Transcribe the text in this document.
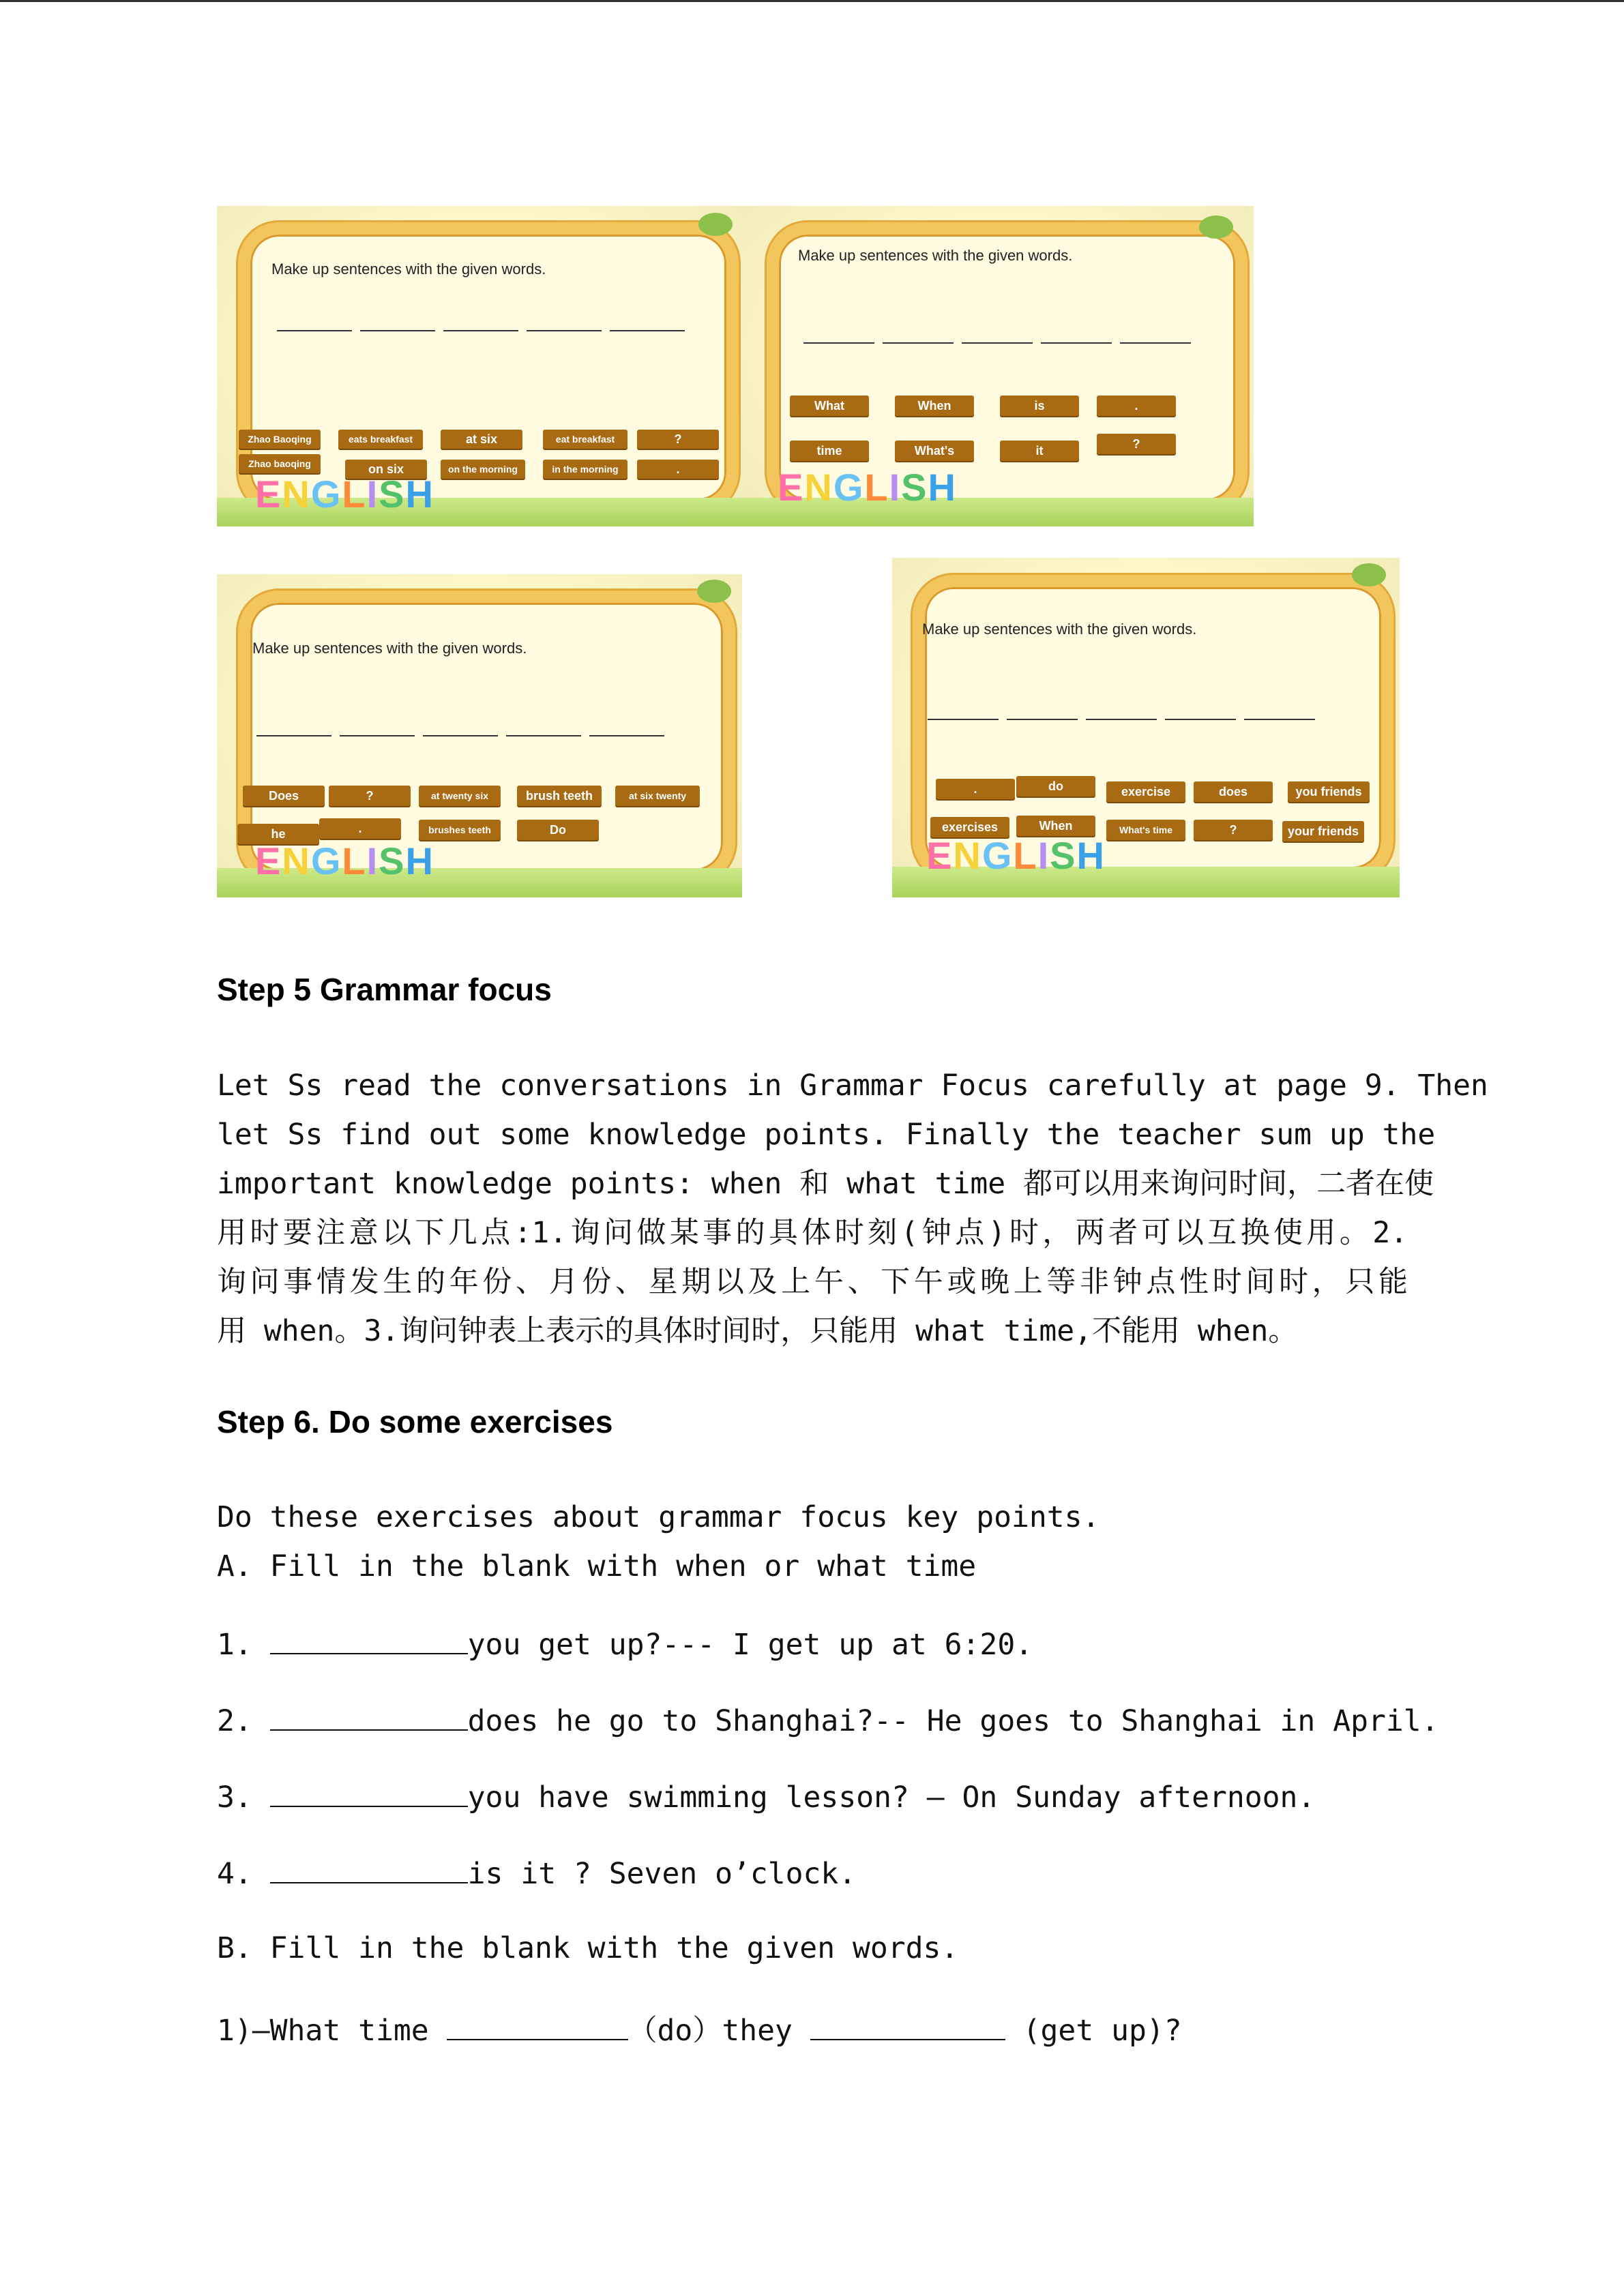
Make up sentences with the given words.
Zhao Baoqing	eats breakfast	at six	eat breakfast	?
Zhao baoqing	on six	on the morning	in the morning	.
ENGLISH
Make up sentences with the given words.
What	When	is	.
time	What's	it	?
ENGLISH
Make up sentences with the given words.
Does	?	at twenty six	brush teeth	at six twenty
he	.	brushes teeth	Do
ENGLISH
Make up sentences with the given words.
.	do	exercise	does	you friends
exercises	When	What's time	?	your friends
ENGLISH
Step 5 Grammar focus
Let Ss read the conversations in Grammar Focus carefully at page 9. Then
let Ss find out some knowledge points. Finally the teacher sum up the
important knowledge points: when 和 what time 都可以用来询问时间，二者在使
用时要注意以下几点:1.询问做某事的具体时刻(钟点)时，两者可以互换使用。2.
询问事情发生的年份、月份、星期以及上午、下午或晚上等非钟点性时间时，只能
用 when。3.询问钟表上表示的具体时间时，只能用 what time,不能用 when。
Step 6. Do some exercises
Do these exercises about grammar focus key points.
A. Fill in the blank with when or what time
1.	you get up?--- I get up at 6:20.
2.	does he go to Shanghai?-- He goes to Shanghai in April.
3.	you have swimming lesson? – On Sunday afternoon.
4.	is it ? Seven o’clock.
B. Fill in the blank with the given words.
1)—What time	（do）they	(get up)?
